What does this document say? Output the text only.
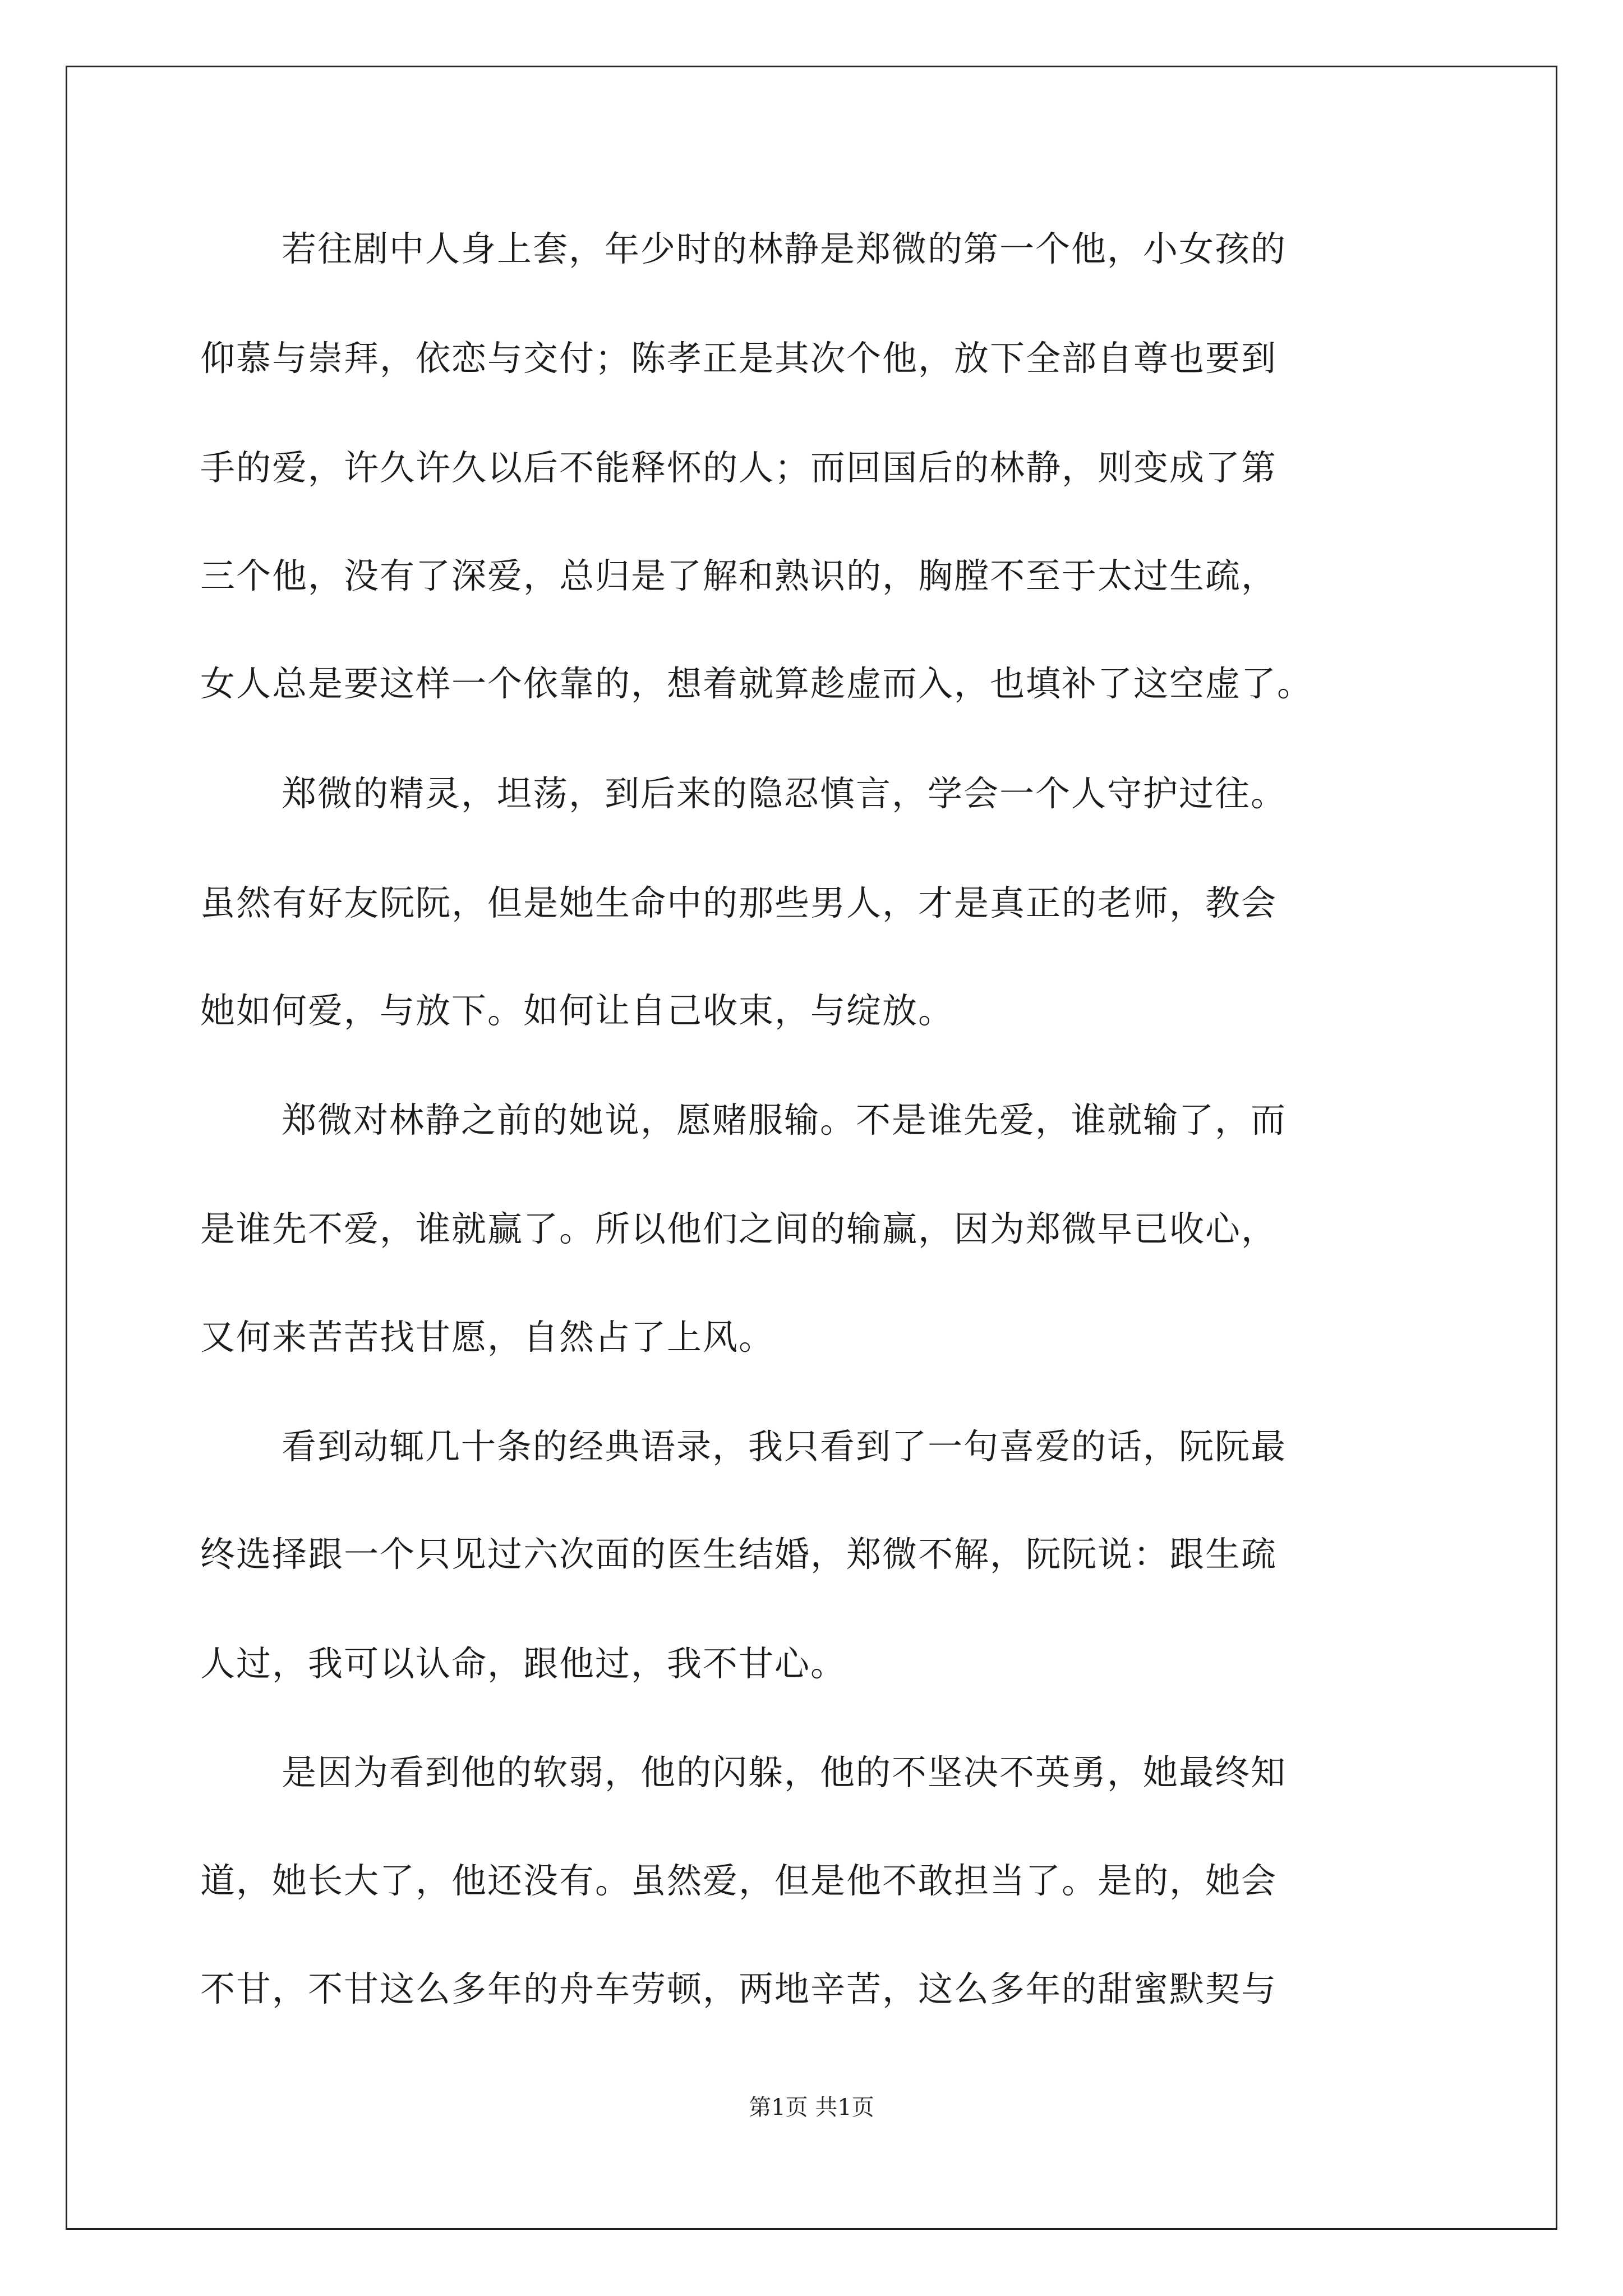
若往剧中人身上套，年少时的林静是郑微的第一个他，小女孩的
仰慕与崇拜，依恋与交付；陈孝正是其次个他，放下全部自尊也要到
手的爱，许久许久以后不能释怀的人；而回国后的林静，则变成了第
三个他，没有了深爱，总归是了解和熟识的，胸膛不至于太过生疏，
女人总是要这样一个依靠的，想着就算趁虚而入，也填补了这空虚了。
郑微的精灵，坦荡，到后来的隐忍慎言，学会一个人守护过往。
虽然有好友阮阮，但是她生命中的那些男人，才是真正的老师，教会
她如何爱，与放下。如何让自己收束，与绽放。
郑微对林静之前的她说，愿赌服输。不是谁先爱，谁就输了，而
是谁先不爱，谁就赢了。所以他们之间的输赢，因为郑微早已收心，
又何来苦苦找甘愿，自然占了上风。
看到动辄几十条的经典语录，我只看到了一句喜爱的话，阮阮最
终选择跟一个只见过六次面的医生结婚，郑微不解，阮阮说：跟生疏
人过，我可以认命，跟他过，我不甘心。
是因为看到他的软弱，他的闪躲，他的不坚决不英勇，她最终知
道，她长大了，他还没有。虽然爱，但是他不敢担当了。是的，她会
不甘，不甘这么多年的舟车劳顿，两地辛苦，这么多年的甜蜜默契与
第1页 共1页
